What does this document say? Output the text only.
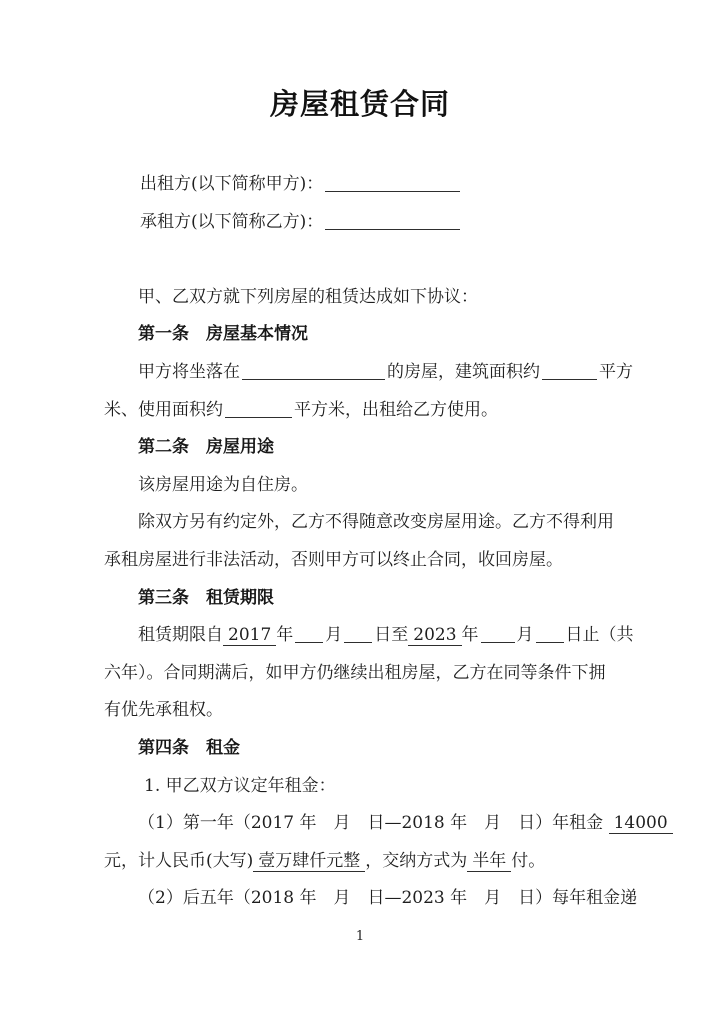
房屋租赁合同
出租方(以下简称甲方)：
承租方(以下简称乙方)：
甲、乙双方就下列房屋的租赁达成如下协议：
第一条　房屋基本情况
甲方将坐落在	的房屋，建筑面积约	平方
米、使用面积约	平方米，出租给乙方使用。
第二条　房屋用途
该房屋用途为自住房。
除双方另有约定外，乙方不得随意改变房屋用途。乙方不得利用
承租房屋进行非法活动，否则甲方可以终止合同，收回房屋。
第三条　租赁期限
租赁期限自 2017 年 月 日至 2023 年 月 日止（共
六年）。合同期满后，如甲方仍继续出租房屋，乙方在同等条件下拥
有优先承租权。
第四条　租金
1. 甲乙双方议定年租金：
（1）第一年（2017 年　月　日—2018 年　月　日）年租金 14000
元，计人民币(大写) 壹万肆仟元整 ，交纳方式为 半年 付。
（2）后五年（2018 年　月　日—2023 年　月　日）每年租金递
1
